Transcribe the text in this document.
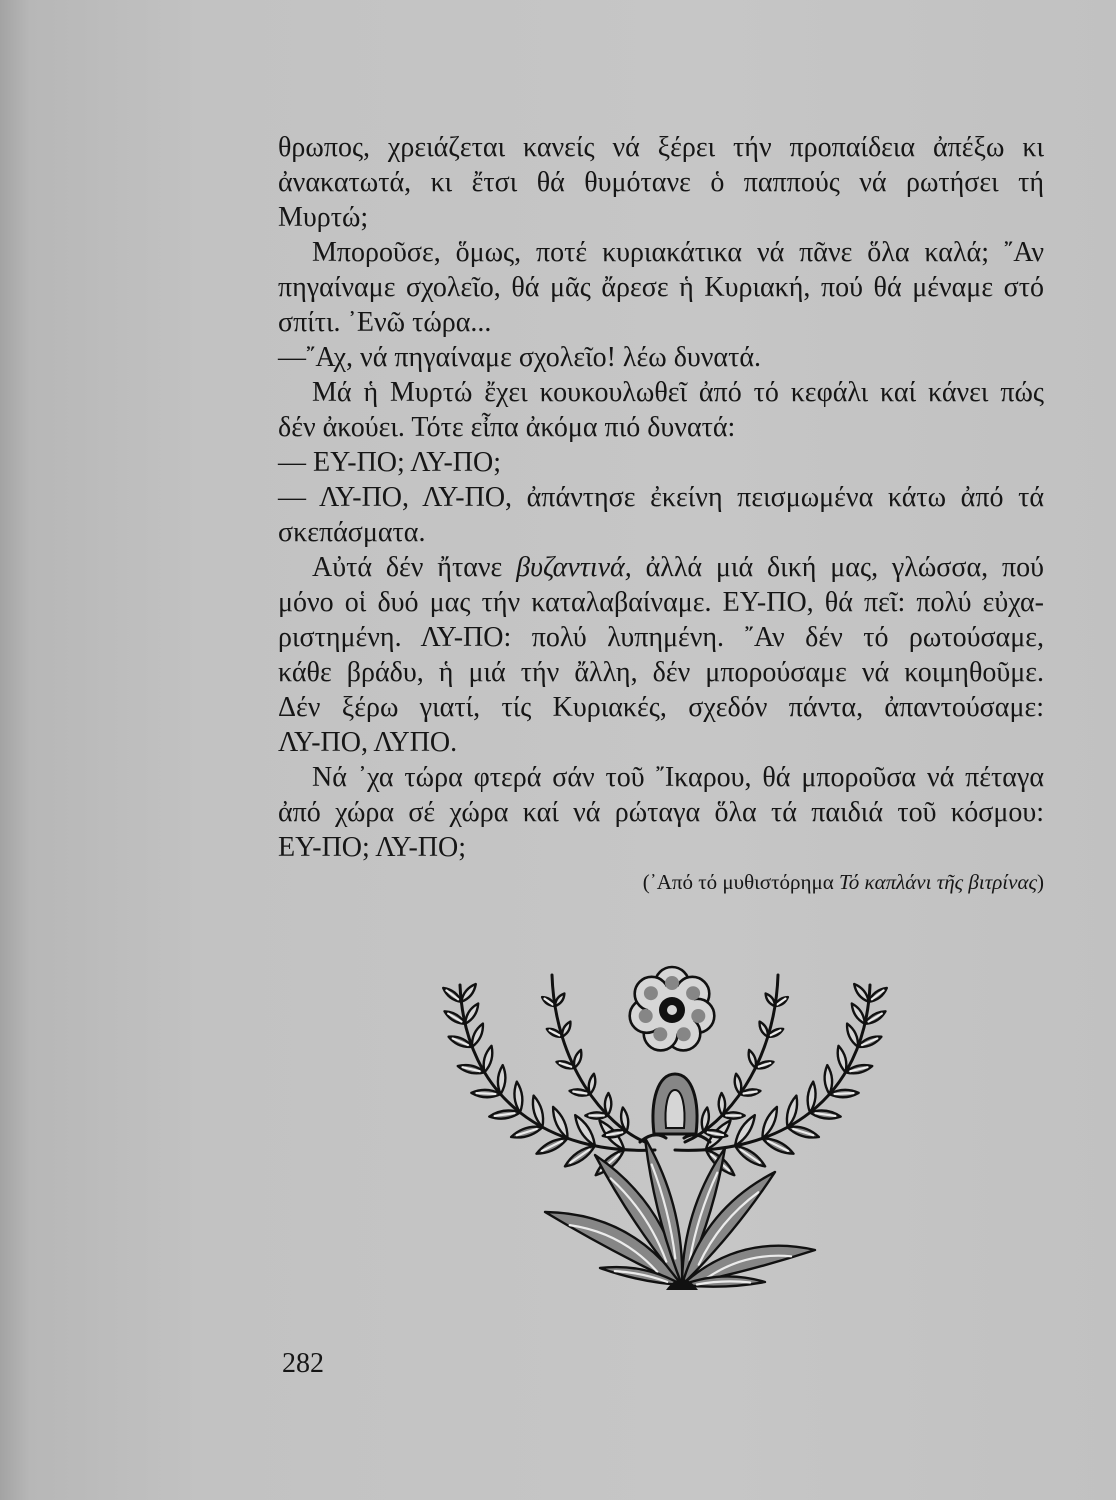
θρωπος, χρειάζεται κανείς νά ξέρει τήν προπαίδεια ἀπέξω κι
ἀνακατωτά, κι ἔτσι θά θυμότανε ὁ παππούς νά ρωτήσει τή
Μυρτώ;
Μποροῦσε, ὅμως, ποτέ κυριακάτικα νά πᾶνε ὅλα καλά; ῎Αν
πηγαίναμε σχολεῖο, θά μᾶς ἄρεσε ἡ Κυριακή, πού θά μέναμε στό
σπίτι. ᾿Ενῶ τώρα...
—῎Αχ, νά πηγαίναμε σχολεῖο! λέω δυνατά.
Μά ἡ Μυρτώ ἔχει κουκουλωθεῖ ἀπό τό κεφάλι καί κάνει πώς
δέν ἀκούει. Τότε εἶπα ἀκόμα πιό δυνατά:
— ΕΥ-ΠΟ; ΛΥ-ΠΟ;
— ΛΥ-ΠΟ, ΛΥ-ΠΟ, ἀπάντησε ἐκείνη πεισμωμένα κάτω ἀπό τά
σκεπάσματα.
Αὐτά δέν ἤτανε βυζαντινά, ἀλλά μιά δική μας, γλώσσα, πού
μόνο οἱ δυό μας τήν καταλαβαίναμε. ΕΥ-ΠΟ, θά πεῖ: πολύ εὐχα-
ριστημένη. ΛΥ-ΠΟ: πολύ λυπημένη. ῎Αν δέν τό ρωτούσαμε,
κάθε βράδυ, ἡ μιά τήν ἄλλη, δέν μπορούσαμε νά κοιμηθοῦμε.
Δέν ξέρω γιατί, τίς Κυριακές, σχεδόν πάντα, ἀπαντούσαμε:
ΛΥ-ΠΟ, ΛΥΠΟ.
Νά ᾿χα τώρα φτερά σάν τοῦ ῎Ικαρου, θά μποροῦσα νά πέταγα
ἀπό χώρα σέ χώρα καί νά ρώταγα ὅλα τά παιδιά τοῦ κόσμου:
ΕΥ-ΠΟ; ΛΥ-ΠΟ;
(᾿Από τό μυθιστόρημα Τό καπλάνι τῆς βιτρίνας)
282
